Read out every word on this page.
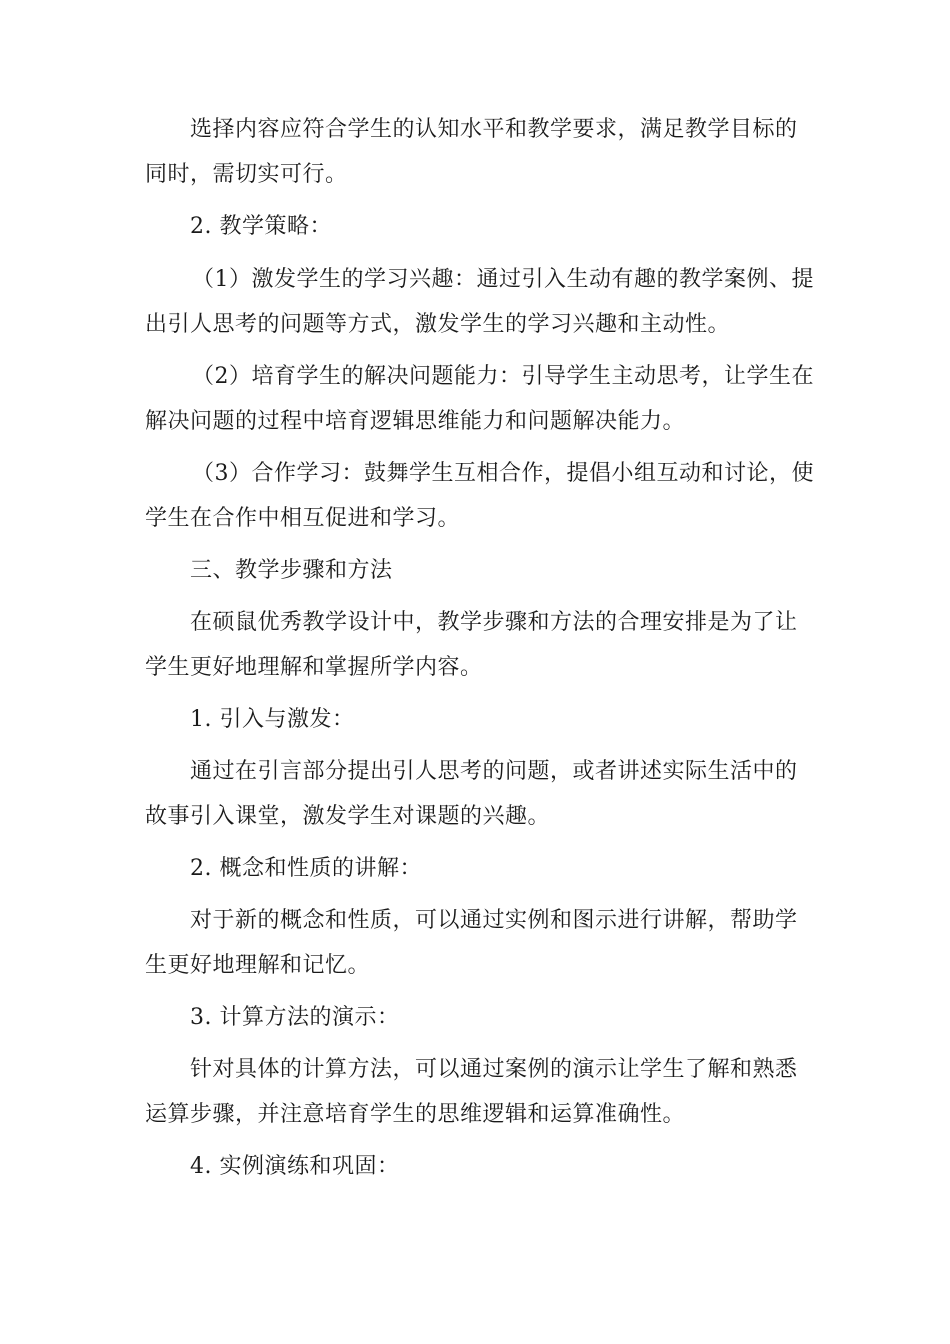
选择内容应符合学生的认知水平和教学要求，满足教学目标的
同时，需切实可行。
2. 教学策略：
（1）激发学生的学习兴趣：通过引入生动有趣的教学案例、提
出引人思考的问题等方式，激发学生的学习兴趣和主动性。
（2）培育学生的解决问题能力：引导学生主动思考，让学生在
解决问题的过程中培育逻辑思维能力和问题解决能力。
（3）合作学习：鼓舞学生互相合作，提倡小组互动和讨论，使
学生在合作中相互促进和学习。
三、教学步骤和方法
在硕鼠优秀教学设计中，教学步骤和方法的合理安排是为了让
学生更好地理解和掌握所学内容。
1. 引入与激发：
通过在引言部分提出引人思考的问题，或者讲述实际生活中的
故事引入课堂，激发学生对课题的兴趣。
2. 概念和性质的讲解：
对于新的概念和性质，可以通过实例和图示进行讲解，帮助学
生更好地理解和记忆。
3. 计算方法的演示：
针对具体的计算方法，可以通过案例的演示让学生了解和熟悉
运算步骤，并注意培育学生的思维逻辑和运算准确性。
4. 实例演练和巩固：
